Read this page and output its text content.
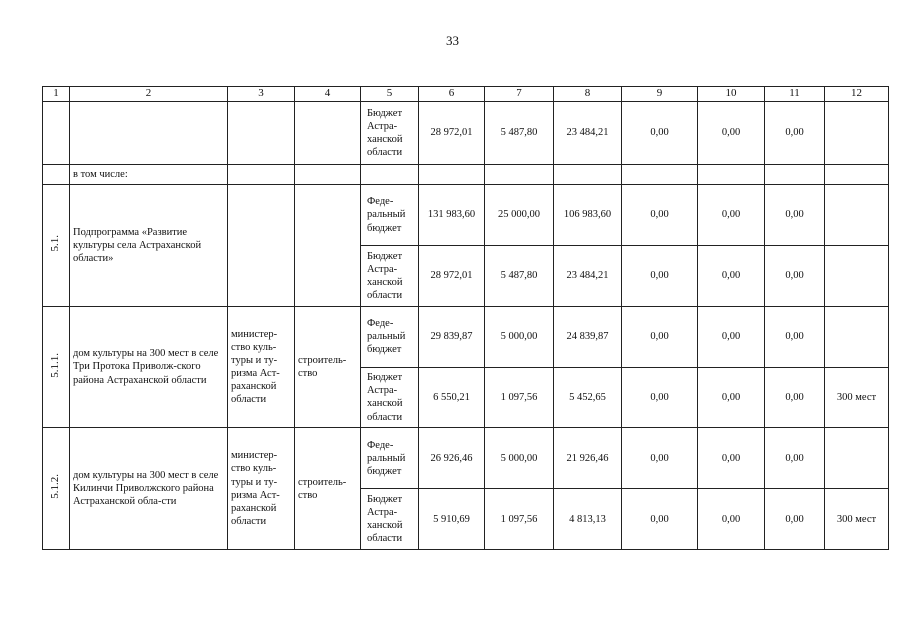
33
1	2	3	4	5	6	7	8	9	10	11	12
				Бюджет Астра-ханской области	28 972,01	5 487,80	23 484,21	0,00	0,00	0,00	
	в том числе:										
5.1.	Подпрограмма «Развитие культуры села Астраханской области»			Феде-ральный бюджет	131 983,60	25 000,00	106 983,60	0,00	0,00	0,00	
				Бюджет Астра-ханской области	28 972,01	5 487,80	23 484,21	0,00	0,00	0,00	
5.1.1.	дом культуры на 300 мест в селе Три Протока Приволж-ского района Астраханской области	министер-ство куль-туры и ту-ризма Аст-раханской области	строитель-ство	Феде-ральный бюджет	29 839,87	5 000,00	24 839,87	0,00	0,00	0,00	
				Бюджет Астра-ханской области	6 550,21	1 097,56	5 452,65	0,00	0,00	0,00	300 мест
5.1.2.	дом культуры на 300 мест в селе Килинчи Приволжского района Астраханской обла-сти	министер-ство куль-туры и ту-ризма Аст-раханской области	строитель-ство	Феде-ральный бюджет	26 926,46	5 000,00	21 926,46	0,00	0,00	0,00	
				Бюджет Астра-ханской области	5 910,69	1 097,56	4 813,13	0,00	0,00	0,00	300 мест
